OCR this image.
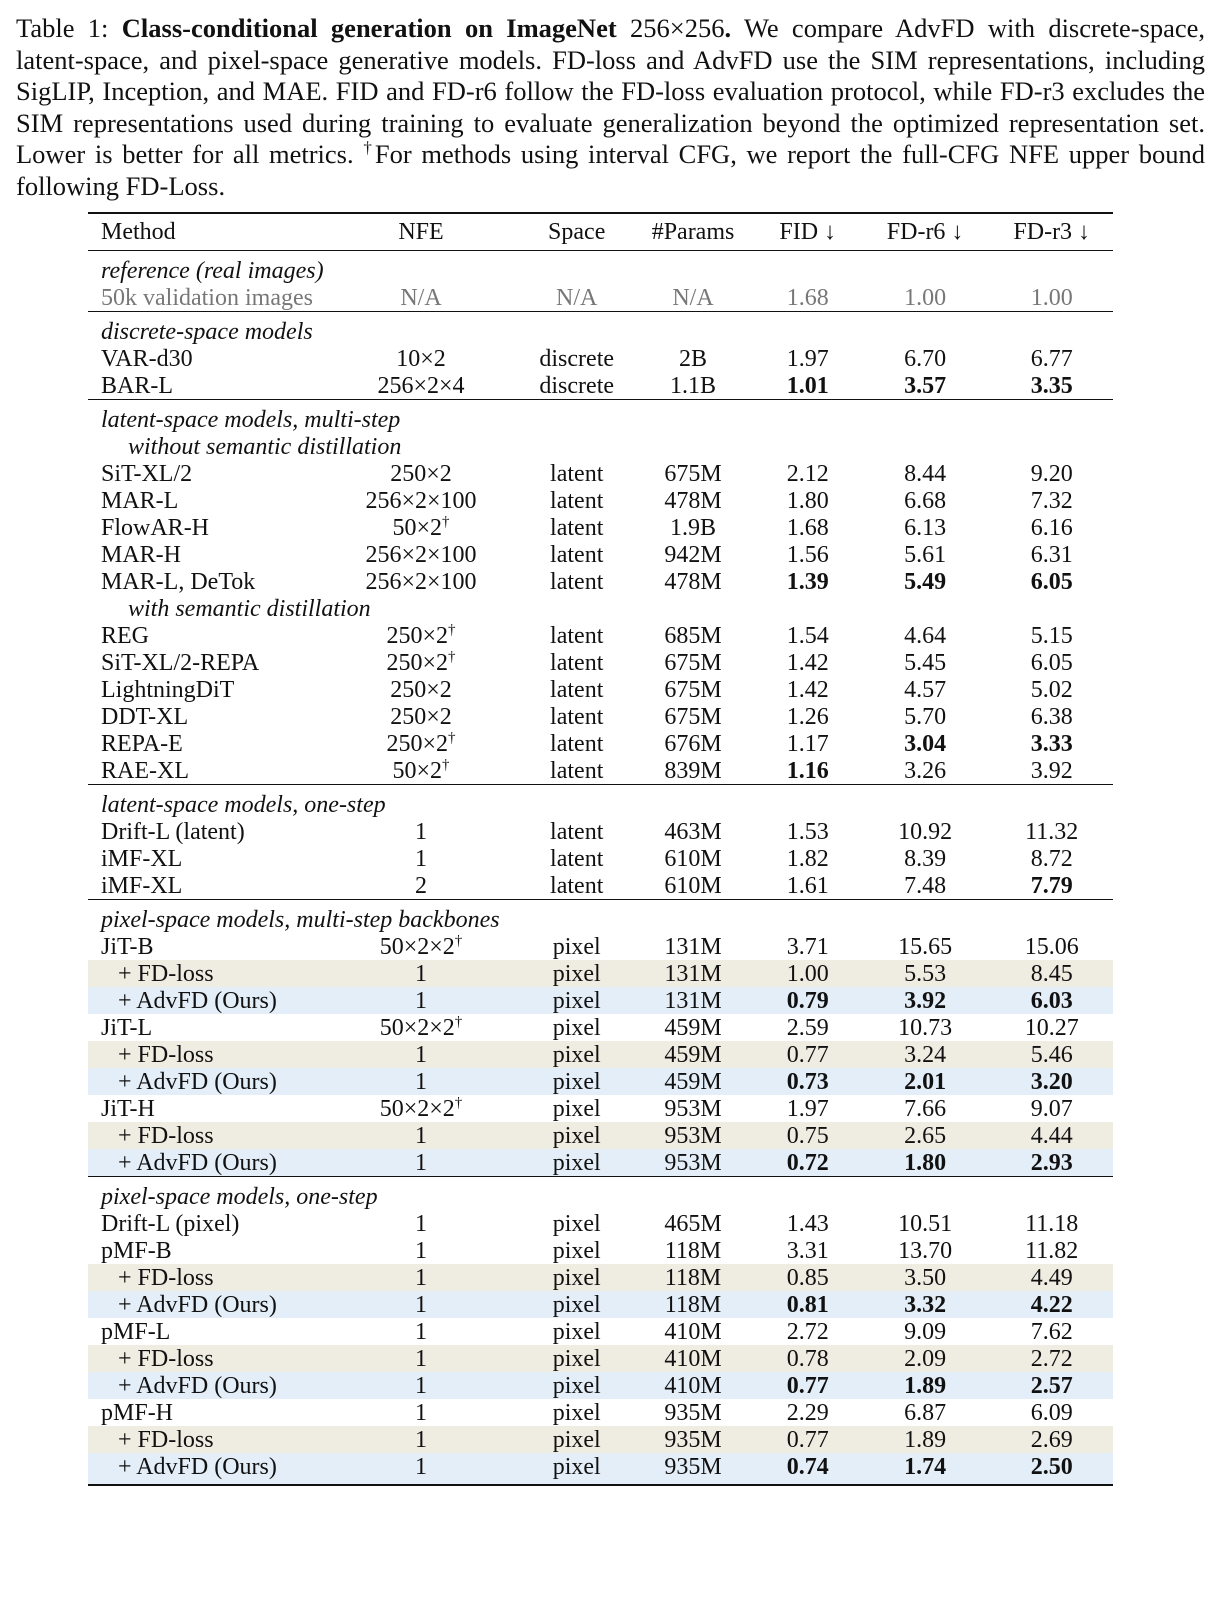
Table 1: Class-conditional generation on ImageNet 256×256. We compare AdvFD with discrete-space, latent-space, and pixel-space generative models. FD-loss and AdvFD use the SIM representations, including SigLIP, Inception, and MAE. FID and FD-r6 follow the FD-loss evaluation protocol, while FD-r3 excludes the SIM representations used during training to evaluate generalization beyond the optimized representation set. Lower is better for all metrics. †For methods using interval CFG, we report the full-CFG NFE upper bound following FD-Loss.
Method	NFE	Space	#Params	FID ↓	FD-r6 ↓	FD-r3 ↓
reference (real images)						
50k validation images	N/A	N/A	N/A	1.68	1.00	1.00
discrete-space models						
VAR-d30	10×2	discrete	2B	1.97	6.70	6.77
BAR-L	256×2×4	discrete	1.1B	1.01	3.57	3.35
latent-space models, multi-step						
without semantic distillation						
SiT-XL/2	250×2	latent	675M	2.12	8.44	9.20
MAR-L	256×2×100	latent	478M	1.80	6.68	7.32
FlowAR-H	50×2†	latent	1.9B	1.68	6.13	6.16
MAR-H	256×2×100	latent	942M	1.56	5.61	6.31
MAR-L, DeTok	256×2×100	latent	478M	1.39	5.49	6.05
with semantic distillation						
REG	250×2†	latent	685M	1.54	4.64	5.15
SiT-XL/2-REPA	250×2†	latent	675M	1.42	5.45	6.05
LightningDiT	250×2	latent	675M	1.42	4.57	5.02
DDT-XL	250×2	latent	675M	1.26	5.70	6.38
REPA-E	250×2†	latent	676M	1.17	3.04	3.33
RAE-XL	50×2†	latent	839M	1.16	3.26	3.92
latent-space models, one-step						
Drift-L (latent)	1	latent	463M	1.53	10.92	11.32
iMF-XL	1	latent	610M	1.82	8.39	8.72
iMF-XL	2	latent	610M	1.61	7.48	7.79
pixel-space models, multi-step backbones						
JiT-B	50×2×2†	pixel	131M	3.71	15.65	15.06
+ FD-loss	1	pixel	131M	1.00	5.53	8.45
+ AdvFD (Ours)	1	pixel	131M	0.79	3.92	6.03
JiT-L	50×2×2†	pixel	459M	2.59	10.73	10.27
+ FD-loss	1	pixel	459M	0.77	3.24	5.46
+ AdvFD (Ours)	1	pixel	459M	0.73	2.01	3.20
JiT-H	50×2×2†	pixel	953M	1.97	7.66	9.07
+ FD-loss	1	pixel	953M	0.75	2.65	4.44
+ AdvFD (Ours)	1	pixel	953M	0.72	1.80	2.93
pixel-space models, one-step						
Drift-L (pixel)	1	pixel	465M	1.43	10.51	11.18
pMF-B	1	pixel	118M	3.31	13.70	11.82
+ FD-loss	1	pixel	118M	0.85	3.50	4.49
+ AdvFD (Ours)	1	pixel	118M	0.81	3.32	4.22
pMF-L	1	pixel	410M	2.72	9.09	7.62
+ FD-loss	1	pixel	410M	0.78	2.09	2.72
+ AdvFD (Ours)	1	pixel	410M	0.77	1.89	2.57
pMF-H	1	pixel	935M	2.29	6.87	6.09
+ FD-loss	1	pixel	935M	0.77	1.89	2.69
+ AdvFD (Ours)	1	pixel	935M	0.74	1.74	2.50
